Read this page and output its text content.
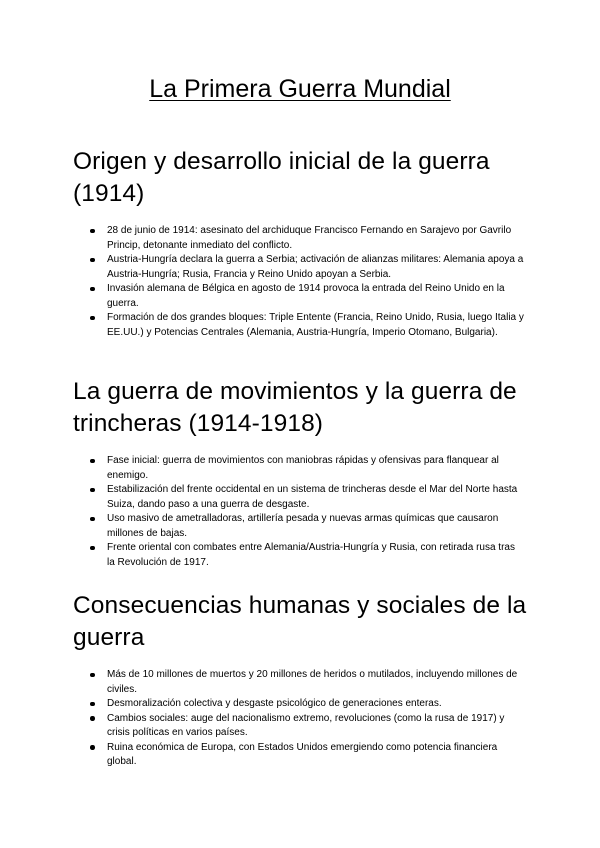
La Primera Guerra Mundial
Origen y desarrollo inicial de la guerra (1914)
28 de junio de 1914: asesinato del archiduque Francisco Fernando en Sarajevo por Gavrilo Princip, detonante inmediato del conflicto.
Austria-Hungría declara la guerra a Serbia; activación de alianzas militares: Alemania apoya a Austria-Hungría; Rusia, Francia y Reino Unido apoyan a Serbia.
Invasión alemana de Bélgica en agosto de 1914 provoca la entrada del Reino Unido en la guerra.
Formación de dos grandes bloques: Triple Entente (Francia, Reino Unido, Rusia, luego Italia y EE.UU.) y Potencias Centrales (Alemania, Austria-Hungría, Imperio Otomano, Bulgaria).
La guerra de movimientos y la guerra de trincheras (1914-1918)
Fase inicial: guerra de movimientos con maniobras rápidas y ofensivas para flanquear al enemigo.
Estabilización del frente occidental en un sistema de trincheras desde el Mar del Norte hasta Suiza, dando paso a una guerra de desgaste.
Uso masivo de ametralladoras, artillería pesada y nuevas armas químicas que causaron millones de bajas.
Frente oriental con combates entre Alemania/Austria-Hungría y Rusia, con retirada rusa tras la Revolución de 1917.
Consecuencias humanas y sociales de la guerra
Más de 10 millones de muertos y 20 millones de heridos o mutilados, incluyendo millones de civiles.
Desmoralización colectiva y desgaste psicológico de generaciones enteras.
Cambios sociales: auge del nacionalismo extremo, revoluciones (como la rusa de 1917) y crisis políticas en varios países.
Ruina económica de Europa, con Estados Unidos emergiendo como potencia financiera global.
